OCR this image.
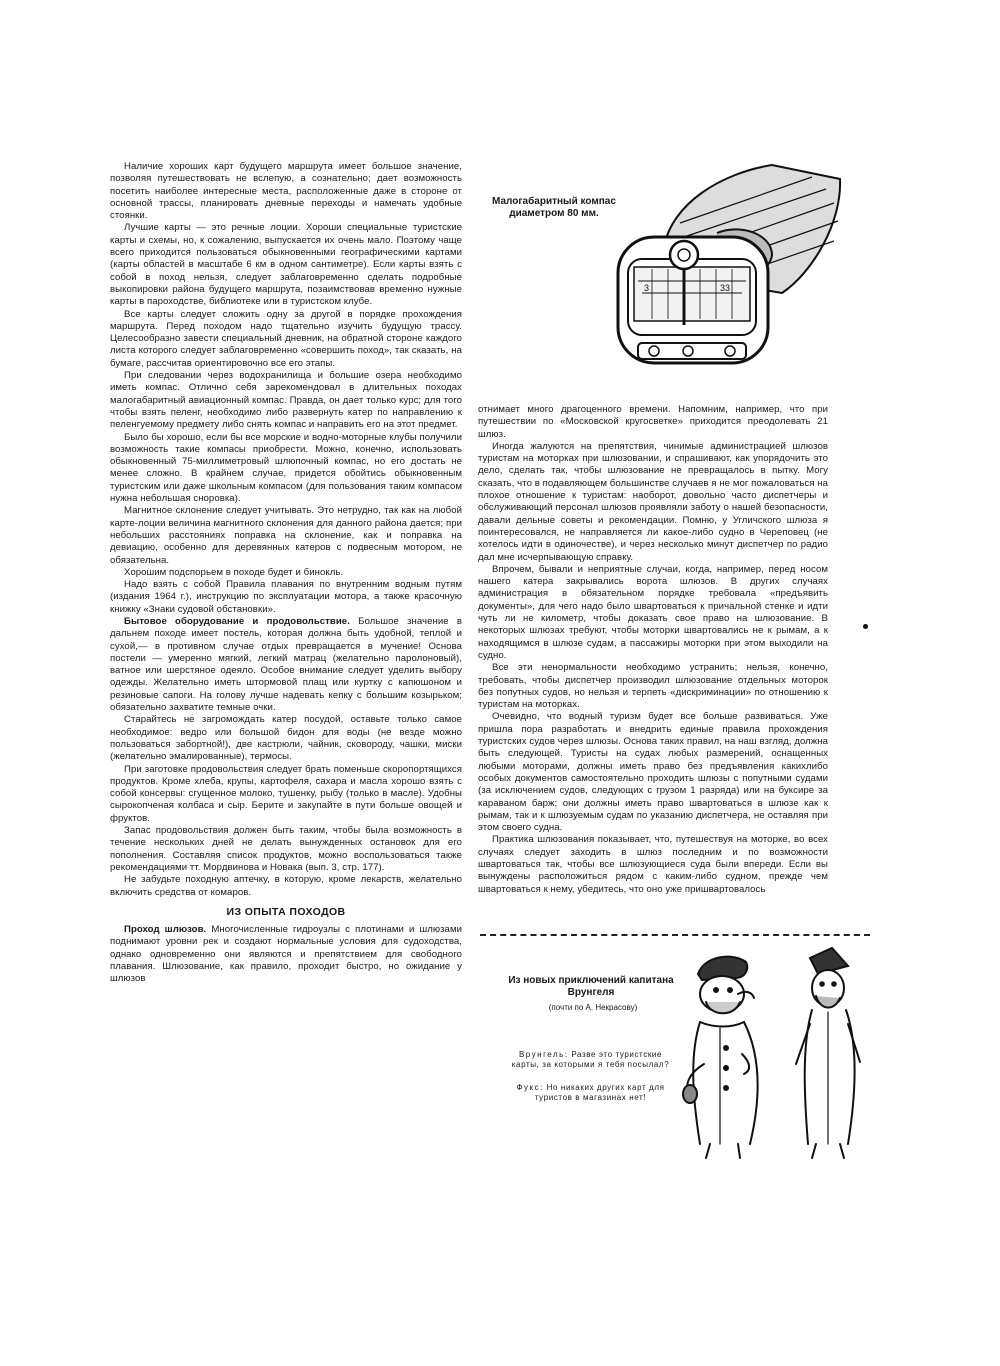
Наличие хороших карт будущего маршрута имеет большое значение, позволяя путешествовать не вслепую, а сознательно; дает возможность посетить наиболее интересные места, расположенные даже в стороне от основной трассы, планировать дневные переходы и намечать удобные стоянки.

Лучшие карты — это речные лоции. Хороши специальные туристские карты и схемы, но, к сожалению, выпускается их очень мало. Поэтому чаще всего приходится пользоваться обыкновенными географическими картами (карты областей в масштабе 6 км в одном сантиметре). Если карты взять с собой в поход нельзя, следует заблаговременно сделать подробные выкопировки района будущего маршрута, позаимствовав временно нужные карты в пароходстве, библиотеке или в туристском клубе.

Все карты следует сложить одну за другой в порядке прохождения маршрута. Перед походом надо тщательно изучить будущую трассу. Целесообразно завести специальный дневник, на обратной стороне каждого листа которого следует заблаговременно «совершить поход», так сказать, на бумаге, рассчитав ориентировочно все его этапы.

При следовании через водохранилища и большие озера необходимо иметь компас. Отлично себя зарекомендовал в длительных походах малогабаритный авиационный компас. Правда, он дает только курс; для того чтобы взять пеленг, необходимо либо развернуть катер по направлению к пеленгуемому предмету либо снять компас и направить его на этот предмет.

Было бы хорошо, если бы все морские и водно-моторные клубы получили возможность такие компасы приобрести. Можно, конечно, использовать обыкновенный 75-миллиметровый шлюпочный компас, но его достать не менее сложно. В крайнем случае, придется обойтись обыкновенным туристским или даже школьным компасом (для пользования таким компасом нужна небольшая сноровка).

Магнитное склонение следует учитывать. Это нетрудно, так как на любой карте-лоции величина магнитного склонения для данного района дается; при небольших расстояниях поправка на склонение, как и поправка на девиацию, особенно для деревянных катеров с подвесным мотором, не обязательна.

Хорошим подспорьем в походе будет и бинокль.

Надо взять с собой Правила плавания по внутренним водным путям (издания 1964 г.), инструкцию по эксплуатации мотора, а также красочную книжку «Знаки судовой обстановки».

Бытовое оборудование и продовольствие. Большое значение в дальнем походе имеет постель, которая должна быть удобной, теплой и сухой,— в противном случае отдых превращается в мучение! Основа постели — умеренно мягкий, легкий матрац (желательно паролоновый), ватное или шерстяное одеяло. Особое внимание следует уделить выбору одежды. Желательно иметь штормовой плащ или куртку с капюшоном и резиновые сапоги. На голову лучше надевать кепку с большим козырьком; обязательно захватите темные очки.

Старайтесь не загромождать катер посудой, оставьте только самое необходимое: ведро или большой бидон для воды (не везде можно пользоваться забортной!), две кастрюли, чайник, сковороду, чашки, миски (желательно эмалированные), термосы.

При заготовке продовольствия следует брать поменьше скоропортящихся продуктов. Кроме хлеба, крупы, картофеля, сахара и масла хорошо взять с собой консервы: сгущенное молоко, тушенку, рыбу (только в масле). Удобны сырокопченая колбаса и сыр. Берите и закупайте в пути больше овощей и фруктов.

Запас продовольствия должен быть таким, чтобы была возможность в течение нескольких дней не делать вынужденных остановок для его пополнения. Составляя список продуктов, можно воспользоваться также рекомендациями тт. Мордвинова и Новака (вып. 3, стр. 177).

Не забудьте походную аптечку, в которую, кроме лекарств, желательно включить средства от комаров.

ИЗ ОПЫТА ПОХОДОВ

Проход шлюзов. Многочисленные гидроузлы с плотинами и шлюзами поднимают уровни рек и создают нормальные условия для судоходства, однако одновременно они являются и препятствием для свободного плавания. Шлюзование, как правило, проходит быстро, но ожидание у шлюзов

Малогабаритный компас диаметром 80 мм.
3	33

отнимает много драгоценного времени. Напомним, например, что при путешествии по «Московской кругосветке» приходится преодолевать 21 шлюз.

Иногда жалуются на препятствия, чинимые администрацией шлюзов туристам на моторках при шлюзовании, и спрашивают, как упорядочить это дело, сделать так, чтобы шлюзование не превращалось в пытку. Могу сказать, что в подавляющем большинстве случаев я не мог пожаловаться на плохое отношение к туристам: наоборот, довольно часто диспетчеры и обслуживающий персонал шлюзов проявляли заботу о нашей безопасности, давали дельные советы и рекомендации. Помню, у Угличского шлюза я поинтересовался, не направляется ли какое-либо судно в Череповец (не хотелось идти в одиночестве), и через несколько минут диспетчер по радио дал мне исчерпывающую справку.

Впрочем, бывали и неприятные случаи, когда, например, перед носом нашего катера закрывались ворота шлюзов. В других случаях администрация в обязательном порядке требовала «предъявить документы», для чего надо было швартоваться к причальной стенке и идти чуть ли не километр, чтобы доказать свое право на шлюзование. В некоторых шлюзах требуют, чтобы моторки швартовались не к рымам, а к находящимся в шлюзе судам, а пассажиры моторки при этом выходили на судно.

Все эти ненормальности необходимо устранить; нельзя, конечно, требовать, чтобы диспетчер производил шлюзование отдельных моторок без попутных судов, но нельзя и терпеть «дискриминации» по отношению к туристам на моторках.

Очевидно, что водный туризм будет все больше развиваться. Уже пришла пора разработать и внедрить единые правила прохождения туристских судов через шлюзы. Основа таких правил, на наш взгляд, должна быть следующей. Туристы на судах любых размерений, оснащенных любыми моторами, должны иметь право без предъявления какихлибо особых документов самостоятельно проходить шлюзы с попутными судами (за исключением судов, следующих с грузом 1 разряда) или на буксире за караваном барж; они должны иметь право швартоваться в шлюзе как к рымам, так и к шлюзуемым судам по указанию диспетчера, не оставляя при этом своего судна.

Практика шлюзования показывает, что, путешествуя на моторке, во всех случаях следует заходить в шлюз последним и по возможности швартоваться так, чтобы все шлюзующиеся суда были впереди. Если вы вынуждены расположиться рядом с каким-либо судном, прежде чем швартоваться к нему, убедитесь, что оно уже пришвартовалось

Из новых приключений капитана Врунгеля
(почти по А. Некрасову)
Врунгель: Разве это туристские карты, за которыми я тебя посылал?
Фукс: Но никаких других карт для туристов в магазинах нет!
